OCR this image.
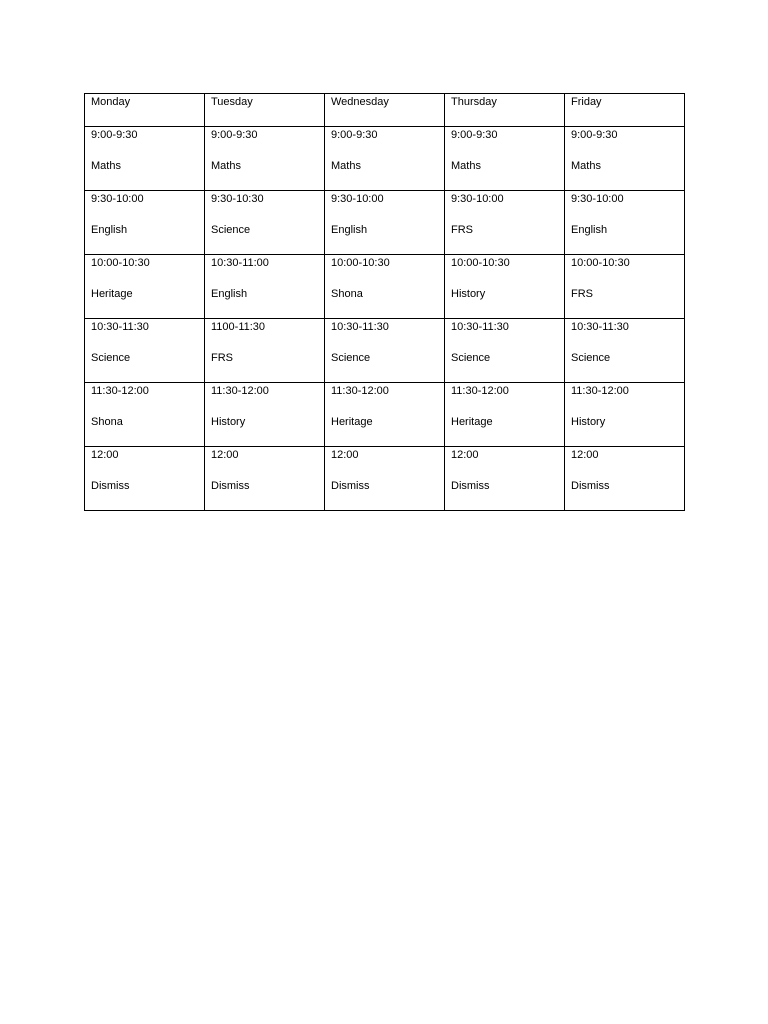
Monday	Tuesday	Wednesday	Thursday	Friday

9:00-9:30
Maths	9:00-9:30
Maths	9:00-9:30
Maths	9:00-9:30
Maths	9:00-9:30
Maths

9:30-10:00
English	9:30-10:30
Science	9:30-10:00
English	9:30-10:00
FRS	9:30-10:00
English

10:00-10:30
Heritage	10:30-11:00
English	10:00-10:30
Shona	10:00-10:30
History	10:00-10:30
FRS

10:30-11:30
Science	1100-11:30
FRS	10:30-11:30
Science	10:30-11:30
Science	10:30-11:30
Science

11:30-12:00
Shona	11:30-12:00
History	11:30-12:00
Heritage	11:30-12:00
Heritage	11:30-12:00
History

12:00
Dismiss	12:00
Dismiss	12:00
Dismiss	12:00
Dismiss	12:00
Dismiss
